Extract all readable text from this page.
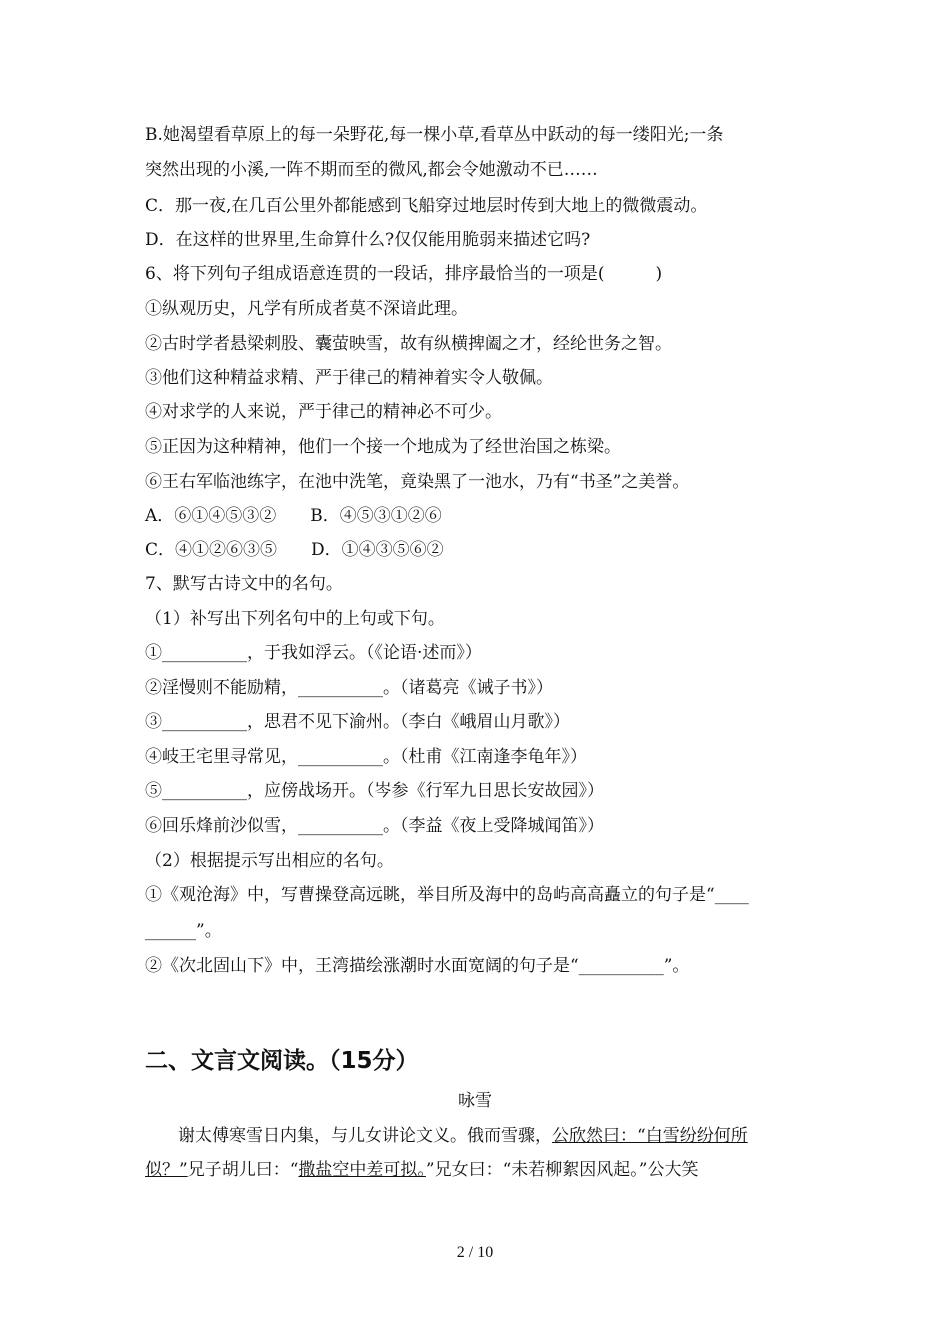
B.她渴望看草原上的每一朵野花,每一棵小草,看草丛中跃动的每一缕阳光;一条
突然出现的小溪,一阵不期而至的微风,都会令她激动不已……
C．那一夜,在几百公里外都能感到飞船穿过地层时传到大地上的微微震动。
D．在这样的世界里,生命算什么?仅仅能用脆弱来描述它吗?
6、将下列句子组成语意连贯的一段话，排序最恰当的一项是(　　　)
①纵观历史，凡学有所成者莫不深谙此理。
②古时学者悬梁刺股、囊萤映雪，故有纵横捭阖之才，经纶世务之智。
③他们这种精益求精、严于律己的精神着实令人敬佩。
④对求学的人来说，严于律己的精神必不可少。
⑤正因为这种精神，他们一个接一个地成为了经世治国之栋梁。
⑥王右军临池练字，在池中洗笔，竟染黑了一池水，乃有“书圣”之美誉。
A．⑥①④⑤③②　　B．④⑤③①②⑥
C．④①②⑥③⑤　　D．①④③⑤⑥②
7、默写古诗文中的名句。
（1）补写出下列名句中的上句或下句。
①__________，于我如浮云。（《论语·述而》）
②淫慢则不能励精，__________。（诸葛亮《诫子书》）
③__________，思君不见下渝州。（李白《峨眉山月歌》）
④岐王宅里寻常见，__________。（杜甫《江南逢李龟年》）
⑤__________，应傍战场开。（岑参《行军九日思长安故园》）
⑥回乐烽前沙似雪，__________。（李益《夜上受降城闻笛》）
（2）根据提示写出相应的名句。
①《观沧海》中，写曹操登高远眺，举目所及海中的岛屿高高矗立的句子是“____
______”。
②《次北固山下》中，王湾描绘涨潮时水面宽阔的句子是“__________”。
二、文言文阅读。（15分）
咏雪
谢太傅寒雪日内集，与儿女讲论文义。俄而雪骤，公欣然曰：“白雪纷纷何所
似？”兄子胡儿曰：“撒盐空中差可拟。”兄女曰：“未若柳絮因风起。”公大笑
2 / 10
